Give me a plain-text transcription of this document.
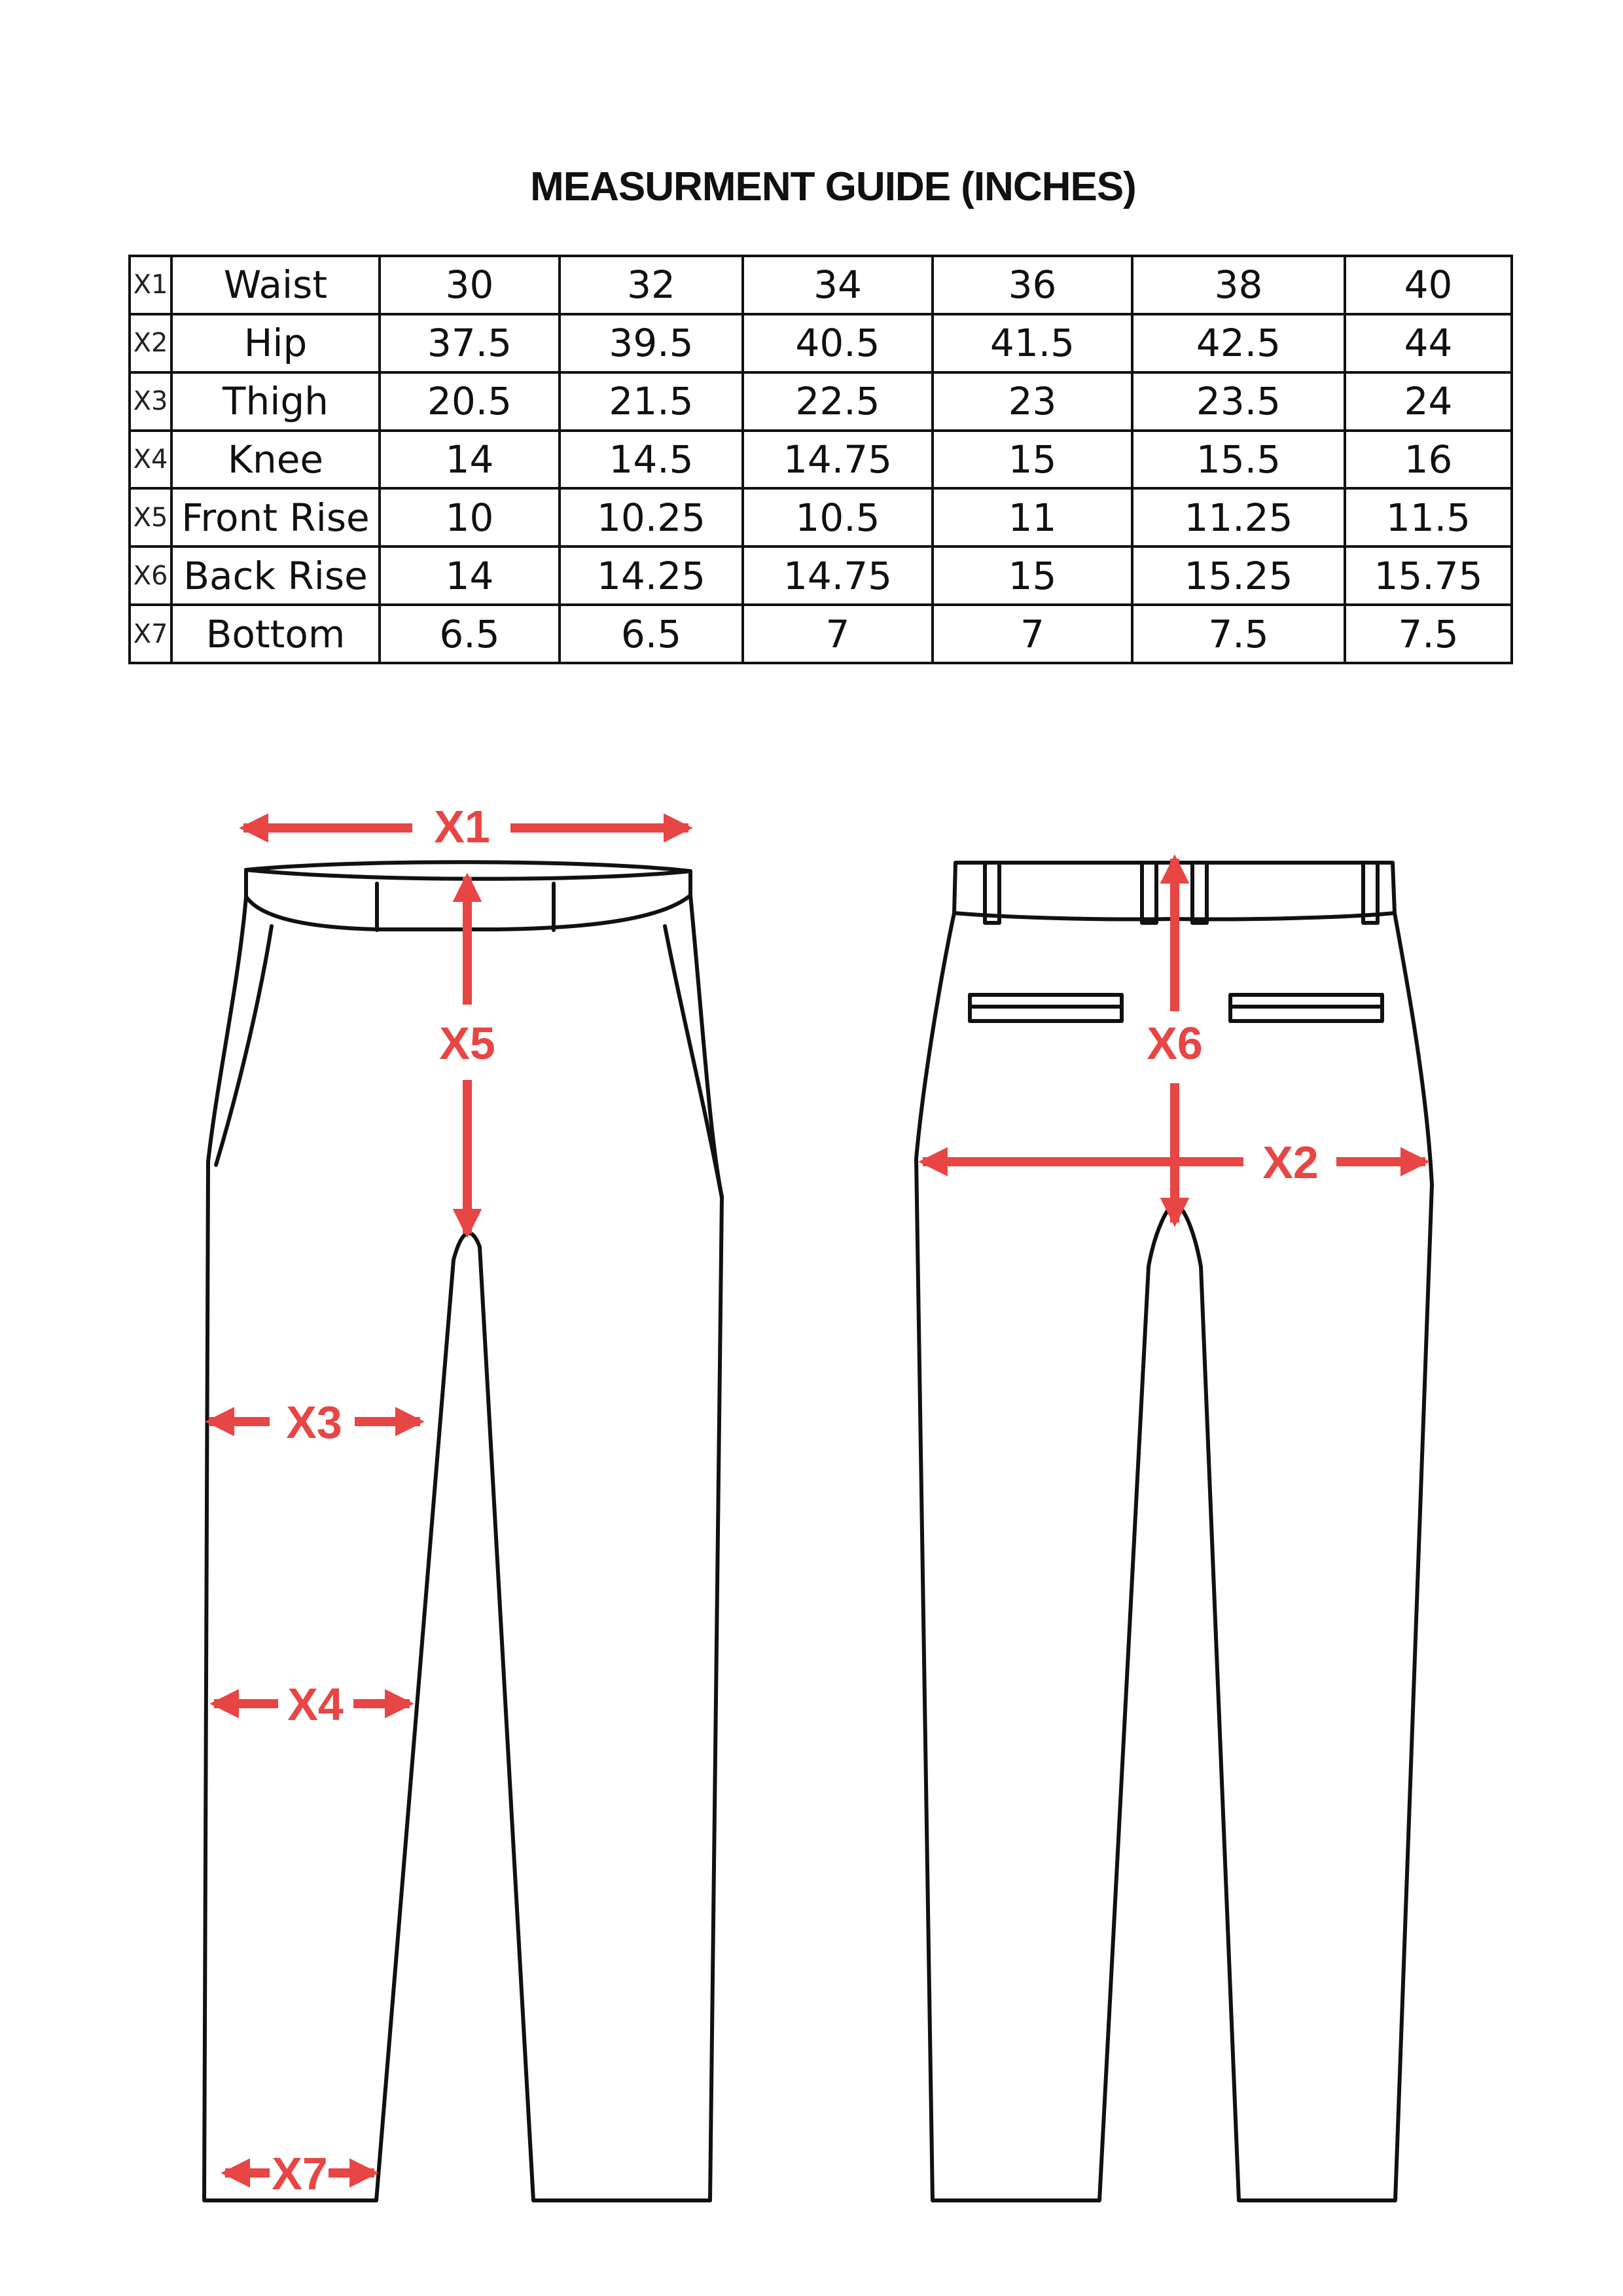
MEASURMENT GUIDE (INCHES)
X1	Waist	30	32	34	36	38	40
X2	Hip	37.5	39.5	40.5	41.5	42.5	44
X3	Thigh	20.5	21.5	22.5	23	23.5	24
X4	Knee	14	14.5	14.75	15	15.5	16
X5	Front Rise	10	10.25	10.5	11	11.25	11.5
X6	Back Rise	14	14.25	14.75	15	15.25	15.75
X7	Bottom	6.5	6.5	7	7	7.5	7.5
X1
X5
X3
X4
X7
X6
X2
